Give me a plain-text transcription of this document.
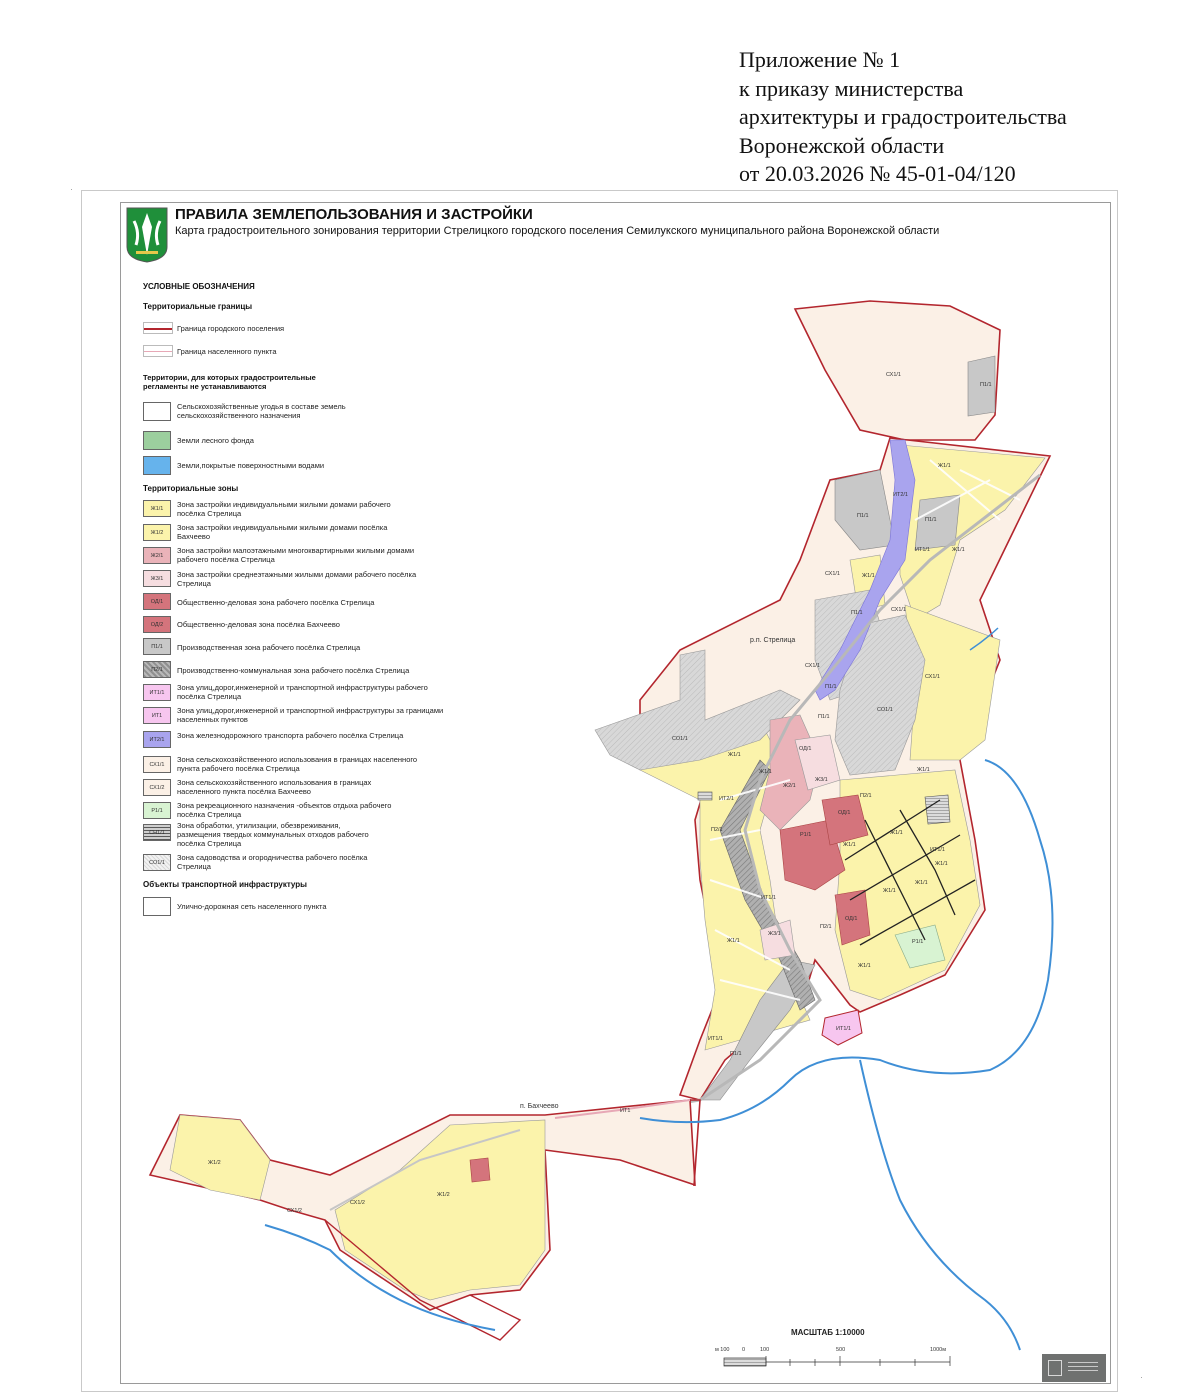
Приложение № 1
к приказу министерства
архитектуры и градостроительства
Воронежской области
от 20.03.2026 № 45-01-04/120
ПРАВИЛА ЗЕМЛЕПОЛЬЗОВАНИЯ И ЗАСТРОЙКИ
Карта градостроительного зонирования территории Стрелицкого городского поселения Семилукского муниципального района Воронежской области
УСЛОВНЫЕ ОБОЗНАЧЕНИЯ
Территориальные границы
Граница городского поселения
Граница населенного пункта
Территории, для которых градостроительные регламенты не устанавливаются
Сельскохозяйственные угодья в составе земель сельскохозяйственного назначения
Земли лесного фонда
Земли,покрытые поверхностными водами
Территориальные зоны
Ж1/1	Зона застройки индивидуальными жилыми домами рабочего посёлка Стрелица
Ж1/2
Зона застройки индивидуальными жилыми домами посёлка Бахчеево
Ж2/1
Зона застройки малоэтажными многоквартирными жилыми домами рабочего посёлка Стрелица
Ж3/1	Зона застройки среднеэтажными жилыми домами рабочего посёлка Стрелица
ОД/1	Общественно-деловая зона рабочего посёлка Стрелица
ОД/2	Общественно-деловая зона посёлка Бахчеево
П1/1	Производственная зона рабочего посёлка Стрелица
П2/1	Производственно-коммунальная зона рабочего посёлка Стрелица
ИТ1/1
Зона улиц,дорог,инженерной и транспортной инфраструктуры рабочего посёлка Стрелица
ИТ1
Зона улиц,дорог,инженерной и транспортной инфраструктуры за границами населенных пунктов
ИТ2/1	Зона железнодорожного транспорта рабочего посёлка Стрелица
СХ1/1
Зона сельскохозяйственного использования в границах населенного пункта рабочего посёлка Стрелица
СХ1/2
Зона сельскохозяйственного использования в границах населенного пункта посёлка Бахчеево
Р1/1
Зона рекреационного назначения -объектов отдыха рабочего посёлка Стрелица
СН1/1
Зона обработки, утилизации, обезвреживания, размещения твердых коммунальных отходов рабочего посёлка Стрелица
СО1/1
Зона садоводства и огородничества рабочего посёлка Стрелица
Объекты транспортной инфраструктуры
Улично-дорожная сеть населенного пункта
р.п. Стрелица
п. Бахчеево
СХ1/1
П1/1
Ж1/1
ИТ2/1
П1/1
П1/1
ИТ1/1	Ж1/1
СХ1/1	Ж1/1
П1/1	СХ1/1
СХ1/1
СХ1/1
П1/1
СО1/1
П1/1
СО1/1
Ж1/1
ОД/1
Ж3/1
Ж1/1
Ж2/1
Ж1/1
ИТ2/1	П2/1
ОД/1
П2/1
Р1/1	Ж1/1
Ж1/1
ИТ1/1
Ж1/1
Ж1/1
Ж1/1
ИТ1/1
Ж3/1
Ж1/1
П2/1
ОД/1
Ж1/1
Р1/1
ИТ1/1
ИТ1/1
П1/1
ИТ1
Ж1/2
Ж1/2
СХ1/2
СХ1/2
МАСШТАБ 1:10000
м 100 0	100	500	1000м
·
·
